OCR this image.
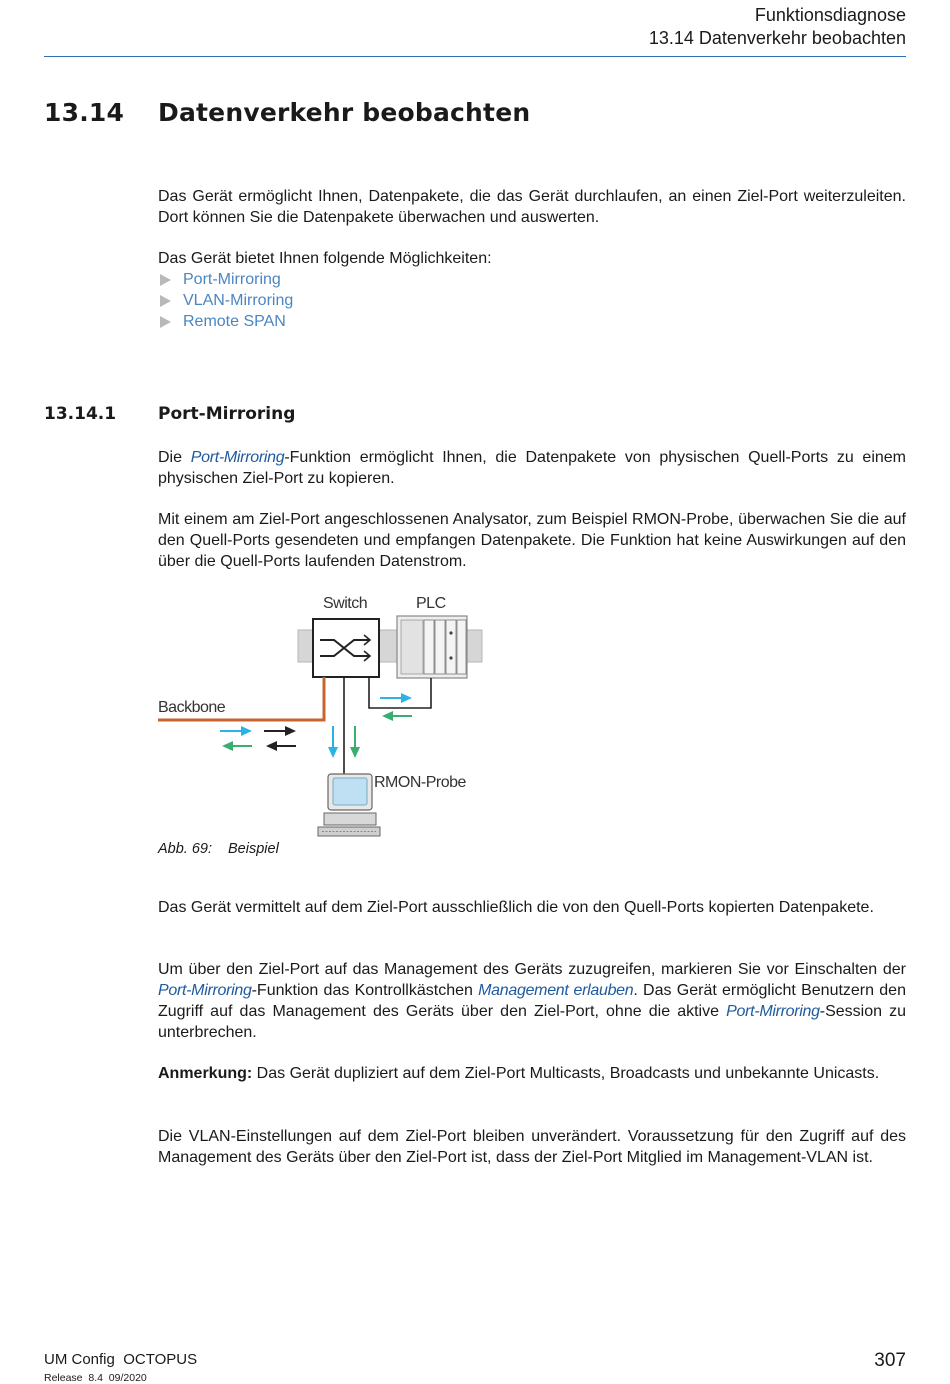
Funktionsdiagnose
13.14 Datenverkehr beobachten
13.14 Datenverkehr beobachten
Das Gerät ermöglicht Ihnen, Datenpakete, die das Gerät durchlaufen, an einen Ziel-Port weiterzuleiten. Dort können Sie die Datenpakete überwachen und auswerten.
Das Gerät bietet Ihnen folgende Möglichkeiten:
Port-Mirroring
VLAN-Mirroring
Remote SPAN
13.14.1 Port-Mirroring
Die Port-Mirroring-Funktion ermöglicht Ihnen, die Datenpakete von physischen Quell-Ports zu einem physischen Ziel-Port zu kopieren.
Mit einem am Ziel-Port angeschlossenen Analysator, zum Beispiel RMON-Probe, überwachen Sie die auf den Quell-Ports gesendeten und empfangen Datenpakete. Die Funktion hat keine Auswirkungen auf den über die Quell-Ports laufenden Datenstrom.
Switch	PLC
Backbone
RMON-Probe
Abb. 69: Beispiel
Das Gerät vermittelt auf dem Ziel-Port ausschließlich die von den Quell-Ports kopierten Datenpakete.
Um über den Ziel-Port auf das Management des Geräts zuzugreifen, markieren Sie vor Einschalten der Port-Mirroring-Funktion das Kontrollkästchen Management erlauben. Das Gerät ermöglicht Benutzern den Zugriff auf das Management des Geräts über den Ziel-Port, ohne die aktive Port-Mirroring-Session zu unterbrechen.
Anmerkung: Das Gerät dupliziert auf dem Ziel-Port Multicasts, Broadcasts und unbekannte Unicasts.
Die VLAN-Einstellungen auf dem Ziel-Port bleiben unverändert. Voraussetzung für den Zugriff auf des Management des Geräts über den Ziel-Port ist, dass der Ziel-Port Mitglied im Management-VLAN ist.
UM Config  OCTOPUS
Release  8.4  09/2020
307
